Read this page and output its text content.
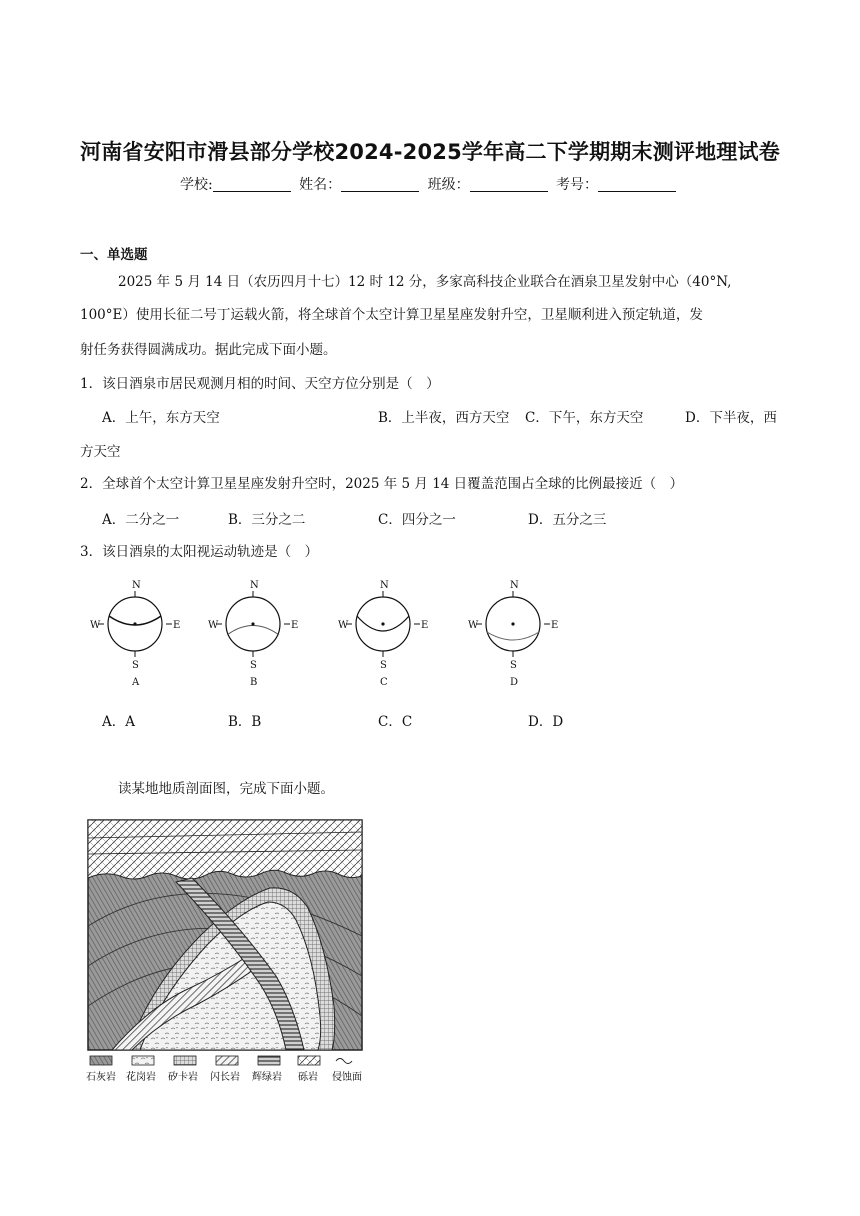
河南省安阳市滑县部分学校2024-2025学年高二下学期期末测评地理试卷
学校:	姓名：	班级：	考号：
一、单选题
2025 年 5 月 14 日（农历四月十七）12 时 12 分，多家高科技企业联合在酒泉卫星发射中心（40°N,
100°E）使用长征二号丁运载火箭，将全球首个太空计算卫星星座发射升空，卫星顺利进入预定轨道，发
射任务获得圆满成功。据此完成下面小题。
1．该日酒泉市居民观测月相的时间、天空方位分别是（　）
A．上午，东方天空	B．上半夜，西方天空 C．下午，东方天空	D．下半夜，西
方天空
2．全球首个太空计算卫星星座发射升空时，2025 年 5 月 14 日覆盖范围占全球的比例最接近（　）
A．二分之一	B．三分之二	C．四分之一	D．五分之三
3．该日酒泉的太阳视运动轨迹是（　）
N
W	E
S
A
N
W	E
S
B
N
W	E
S
C
N
W	E
S
D
A．A	B．B	C．C	D．D
读某地地质剖面图，完成下面小题。
石灰岩 花岗岩 矽卡岩 闪长岩 辉绿岩 砾岩 侵蚀面
